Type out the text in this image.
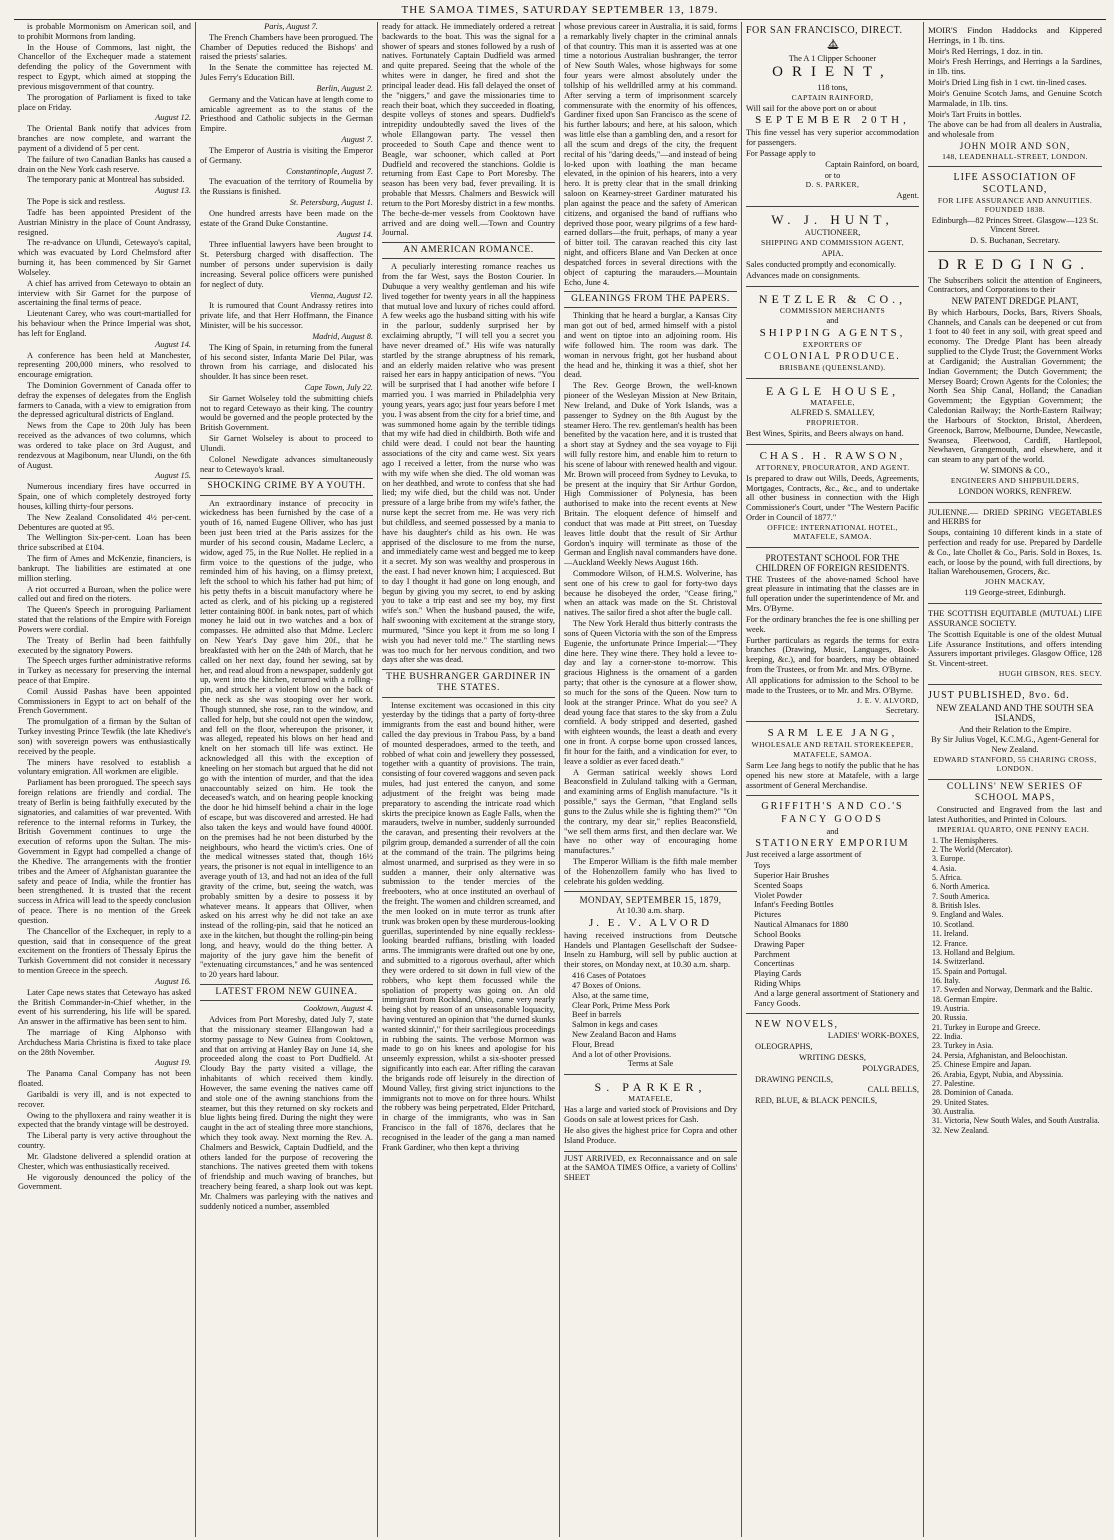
THE SAMOA TIMES, SATURDAY SEPTEMBER 13, 1879.

is probable Mormonism on American soil, and to prohibit Mormons from landing.

In the House of Commons, last night, the Chancellor of the Exchequer made a statement defending the policy of the Government with respect to Egypt, which aimed at stopping the previous misgovernment of that country.

The prorogation of Parliament is fixed to take place on Friday.

August 12.

The Oriental Bank notify that advices from branches are now complete, and warrant the payment of a dividend of 5 per cent.

The failure of two Canadian Banks has caused a drain on the New York cash reserve.

The temporary panic at Montreal has subsided.

August 13.

The Pope is sick and restless.

Tadfe has been appointed President of the Austrian Ministry in the place of Count Andrassy, resigned.

The re-advance on Ulundi, Cetewayo's capital, which was evacuated by Lord Chelmsford after burning it, has been commenced by Sir Garnet Wolseley.

A chief has arrived from Cetewayo to obtain an interview with Sir Garnet for the purpose of ascertaining the final terms of peace.

Lieutenant Carey, who was court-martialled for his behaviour when the Prince Imperial was shot, has left for England.

August 14.

A conference has been held at Manchester, representing 200,000 miners, who resolved to encourage emigration.

The Dominion Government of Canada offer to defray the expenses of delegates from the English farmers to Canada, with a view to emigration from the depressed agricultural districts of England.

News from the Cape to 20th July has been received as the advances of two columns, which was ordered to take place on 3rd August, and rendezvous at Magibonum, near Ulundi, on the 6th of August.

August 15.

Numerous incendiary fires have occurred in Spain, one of which completely destroyed forty houses, killing thirty-four persons.

The New Zealand Consolidated 4½ per-cent. Debentures are quoted at 95.

The Wellington Six-per-cent. Loan has been thrice subscribed at £104.

The firm of Ames and McKenzie, financiers, is bankrupt. The liabilities are estimated at one million sterling.

A riot occurred a Buroan, when the police were called out and fired on the rioters.

The Queen's Speech in proroguing Parliament stated that the relations of the Empire with Foreign Powers were cordial.

The Treaty of Berlin had been faithfully executed by the signatory Powers.

The Speech urges further administrative reforms in Turkey as necessary for preserving the internal peace of that Empire.

Comil Aussid Pashas have been appointed Commissioners in Egypt to act on behalf of the French Government.

The promulgation of a firman by the Sultan of Turkey investing Prince Tewfik (the late Khedive's son) with sovereign powers was enthusiastically received by the people.

The miners have resolved to establish a voluntary emigration. All workmen are eligible.

Parliament has been prorogued. The speech says foreign relations are friendly and cordial. The treaty of Berlin is being faithfully executed by the signatories, and calamities of war prevented. With reference to the internal reforms in Turkey, the British Government continues to urge the execution of reforms upon the Sultan. The mis-Government in Egypt had compelled a change of the Khedive. The arrangements with the frontier tribes and the Ameer of Afghanistan guarantee the safety and peace of India, while the frontier has been strengthened. It is trusted that the recent success in Africa will lead to the speedy conclusion of peace. There is no mention of the Greek question.

The Chancellor of the Exchequer, in reply to a question, said that in consequence of the great excitement on the frontiers of Thessaly Epirus the Turkish Government did not consider it necessary to mention Greece in the speech.

August 16.

Later Cape news states that Cetewayo has asked the British Commander-in-Chief whether, in the event of his surrendering, his life will be spared. An answer in the affirmative has been sent to him.

The marriage of King Alphonso with Archduchess Maria Christina is fixed to take place on the 28th November.

August 19.

The Panama Canal Company has not been floated.

Garibaldi is very ill, and is not expected to recover.

Owing to the phylloxera and rainy weather it is expected that the brandy vintage will be destroyed.

The Liberal party is very active throughout the country.

Mr. Gladstone delivered a splendid oration at Chester, which was enthusiastically received.

He vigorously denounced the policy of the Government.

Paris, August 7.

The French Chambers have been prorogued. The Chamber of Deputies reduced the Bishops' and raised the priests' salaries.

In the Senate the committee has rejected M. Jules Ferry's Education Bill.

Berlin, August 2.

Germany and the Vatican have at length come to amicable agreement as to the status of the Priesthood and Catholic subjects in the German Empire.

August 7.

The Emperor of Austria is visiting the Emperor of Germany.

Constantinople, August 7.

The evacuation of the territory of Roumelia by the Russians is finished.

St. Petersburg, August 1.

One hundred arrests have been made on the estate of the Grand Duke Constantine.

August 14.

Three influential lawyers have been brought to St. Petersburg charged with disaffection. The number of persons under supervision is daily increasing. Several police officers were punished for neglect of duty.

Vienna, August 12.

It is rumoured that Count Andrassy retires into private life, and that Herr Hoffmann, the Finance Minister, will be his successor.

Madrid, August 8.

The King of Spain, in returning from the funeral of his second sister, Infanta Marie Del Pilar, was thrown from his carriage, and dislocated his shoulder. It has since been reset.

Cape Town, July 22.

Sir Garnet Wolseley told the submitting chiefs not to regard Cetewayo as their king. The country would be governed and the people protected by the British Government.

Sir Garnet Wolseley is about to proceed to Ulundi.

Colonel Newdigate advances simultaneously near to Cetewayo's kraal.

SHOCKING CRIME BY A YOUTH.

An extraordinary instance of precocity in wickedness has been furnished by the case of a youth of 16, named Eugene Olliver, who has just been just been tried at the Paris assizes for the murder of his second cousin, Madame Leclerc, a widow, aged 75, in the Rue Nollet. He replied in a firm voice to the questions of the judge, who reminded him of his having, on a flimsy pretext, left the school to which his father had put him; of his petty thefts in a biscuit manufactory where he acted as clerk, and of his picking up a registered letter containing 800f. in bank notes, part of which money he laid out in two watches and a box of compasses. He admitted also that Mdme. Leclerc on New Year's Day gave him 20f., that he breakfasted with her on the 24th of March, that he called on her next day, found her sewing, sat by her, and read aloud from a newspaper, suddenly got up, went into the kitchen, returned with a rolling-pin, and struck her a violent blow on the back of the neck as she was stooping over her work. Though stunned, she rose, ran to the window, and called for help, but she could not open the window, and fell on the floor, whereupon the prisoner, it was alleged, repeated his blows on her head and knelt on her stomach till life was extinct. He acknowledged all this with the exception of kneeling on her stomach but argued that he did not go with the intention of murder, and that the idea unaccountably seized on him. He took the deceased's watch, and on hearing people knocking the door he hid himself behind a chair in the loge of escape, but was discovered and arrested. He had also taken the keys and would have found 4000f. on the premises had he not been disturbed by the neighbours, who heard the victim's cries. One of the medical witnesses stated that, though 16½ years, the prisoner is not equal in intelligence to an average youth of 13, and had not an idea of the full gravity of the crime, but, seeing the watch, was probably smitten by a desire to possess it by whatever means. It appears that Olliver, when asked on his arrest why he did not take an axe instead of the rolling-pin, said that he noticed an axe in the kitchen, but thought the rolling-pin being long, and heavy, would do the thing better. A majority of the jury gave him the benefit of "extenuating circumstances," and he was sentenced to 20 years hard labour.

LATEST FROM NEW GUINEA.

Cooktown, August 4.

Advices from Port Moresby, dated July 7, state that the missionary steamer Ellangowan had a stormy passage to New Guinea from Cooktown, and that on arriving at Hanley Bay on June 14, she proceeded along the coast to Port Dudfield. At Cloudy Bay the party visited a village, the inhabitants of which received them kindly. However, the same evening the natives came off and stole one of the awning stanchions from the steamer, but this they returned on sky rockets and blue lights being fired. During the night they were caught in the act of stealing three more stanchions, which they took away. Next morning the Rev. A. Chalmers and Beswick, Captain Dudfield, and the others landed for the purpose of recovering the stanchions. The natives greeted them with tokens of friendship and much waving of branches, but treachery being feared, a sharp look out was kept. Mr. Chalmers was parleying with the natives and suddenly noticed a number, assembled

ready for attack. He immediately ordered a retreat backwards to the boat. This was the signal for a shower of spears and stones followed by a rush of natives. Fortunately Captain Dudfield was armed and quite prepared. Seeing that the whole of the whites were in danger, he fired and shot the principal leader dead. His fall delayed the onset of the "niggers," and gave the missionaries time to reach their boat, which they succeeded in floating, despite volleys of stones and spears. Dudfield's intrepidity undoubtedly saved the lives of the whole Ellangowan party. The vessel then proceeded to South Cape and thence went to Beagle, war schooner, which called at Port Dudfield and recovered the stanchions. Goldie is returning from East Cape to Port Moresby. The season has been very bad, fever prevailing. It is probable that Messrs. Chalmers and Beswick will return to the Port Moresby district in a few months. The beche-de-mer vessels from Cooktown have arrived and are doing well.—Town and Country Journal.

AN AMERICAN ROMANCE.

A peculiarly interesting romance reaches us from the far West, says the Boston Courier. In Dubuque a very wealthy gentleman and his wife lived together for twenty years in all the happiness that mutual love and luxury of riches could afford. A few weeks ago the husband sitting with his wife in the parlour, suddenly surprised her by exclaiming abruptly, "I will tell you a secret you have never dreamed of." His wife was naturally startled by the strange abruptness of his remark, and an elderly maiden relative who was present raised her ears in happy anticipation of news. "You will be surprised that I had another wife before I married you. I was married in Philadelphia very young years, years ago; just four years before I met you. I was absent from the city for a brief time, and was summoned home again by the terrible tidings that my wife had died in childbirth. Both wife and child were dead. I could not bear the haunting associations of the city and came west. Six years ago I received a letter, from the nurse who was with my wife when she died. The old woman was on her deathbed, and wrote to confess that she had lied; my wife died, but the child was not. Under pressure of a large bribe from my wife's father, the nurse kept the secret from me. He was very rich but childless, and seemed possessed by a mania to have his daughter's child as his own. He was apprised of the disclosure to me from the nurse, and immediately came west and begged me to keep it a secret. My son was wealthy and prosperous in the east. I had never known him; I acquiesced. But to day I thought it had gone on long enough, and begun by giving you my secret, to end by asking you to take a trip east and see my boy, my first wife's son." When the husband paused, the wife, half swooning with excitement at the strange story, murmured, "Since you kept it from me so long I wish you had never told me." The startling news was too much for her nervous condition, and two days after she was dead.

THE BUSHRANGER GARDINER IN THE STATES.

Intense excitement was occasioned in this city yesterday by the tidings that a party of forty-three immigrants from the east and bound hither, were called the day previous in Trabou Pass, by a band of mounted desperadoes, armed to the teeth, and robbed of what coin and jewellery they possessed, together with a quantity of provisions. The train, consisting of four covered waggons and seven pack mules, had just entered the canyon, and some adjustment of the freight was being made preparatory to ascending the intricate road which skirts the precipice known as Eagle Falls, when the marauders, twelve in number, suddenly surrounded the caravan, and presenting their revolvers at the pilgrim group, demanded a surrender of all the coin at the command of the train. The pilgrims being almost unarmed, and surprised as they were in so sudden a manner, their only alternative was submission to the tender mercies of the freebooters, who at once instituted an overhaul of the freight. The women and children screamed, and the men looked on in mute terror as trunk after trunk was broken open by these murderous-looking guerillas, superintended by nine equally reckless-looking bearded ruffians, bristling with loaded arms. The immigrants were drafted out one by one, and submitted to a rigorous overhaul, after which they were ordered to sit down in full view of the robbers, who kept them focussed while the spoliation of property was going on. An old immigrant from Rockland, Ohio, came very nearly being shot by reason of an unseasonable loquacity, having ventured an opinion that "the durned skunks wanted skinnin'," for their sacrilegious proceedings in rubbing the saints. The verbose Mormon was made to go on his knees and apologise for his unseemly expression, whilst a six-shooter pressed significantly into each ear. After rifling the caravan the brigands rode off leisurely in the direction of Mound Valley, first giving strict injunctions to the immigrants not to move on for three hours. Whilst the robbery was being perpetrated, Elder Pritchard, in charge of the immigrants, who was in San Francisco in the fall of 1876, declares that he recognised in the leader of the gang a man named Frank Gardiner, who then kept a thriving

whose previous career in Australia, it is said, forms a remarkably lively chapter in the criminal annals of that country. This man it is asserted was at one time a notorious Australian bushranger, the terror of New South Wales, whose highways for some four years were almost absolutely under the tollship of his welldrilled army at his command. After serving a term of imprisonment scarcely commensurate with the enormity of his offences, Gardiner fixed upon San Francisco as the scene of his further labours; and here, at his saloon, which was little else than a gambling den, and a resort for all the scum and dregs of the city, the frequent recital of his "daring deeds,"—and instead of being lo-ked upon with loathing the man became elevated, in the opinion of his hearers, into a very hero. It is pretty clear that in the small drinking saloon on Kearney-street Gardiner maturated his plan against the peace and the safety of American citizens, and organised the band of ruffians who deprived those poor, weary pilgrims of a few hard-earned dollars—the fruit, perhaps, of many a year of bitter toil. The caravan reached this city last night, and officers Blane and Van Decken at once despatched forces in several directions with the object of capturing the marauders.—Mountain Echo, June 4.

GLEANINGS FROM THE PAPERS.

Thinking that he heard a burglar, a Kansas City man got out of bed, armed himself with a pistol and went on tiptoe into an adjoining room. His wife followed him. The room was dark. The woman in nervous fright, got her husband about the head and he, thinking it was a thief, shot her dead.

The Rev. George Brown, the well-known pioneer of the Wesleyan Mission at New Britain, New Ireland, and Duke of York Islands, was a passenger to Sydney on the 8th August by the steamer Hero. The rev. gentleman's health has been benefited by the vacation here, and it is trusted that a short stay at Sydney and the sea voyage to Fiji will fully restore him, and enable him to return to his scene of labour with renewed health and vigour. Mr. Brown will proceed from Sydney to Levuka, to be present at the inquiry that Sir Arthur Gordon, High Commissioner of Polynesia, has been authorised to make into the recent events at New Britain. The eloquent defence of himself and conduct that was made at Pitt street, on Tuesday leaves little doubt that the result of Sir Arthur Gordon's inquiry will terminate as those of the German and English naval commanders have done.—Auckland Weekly News August 16th.

Commodore Wilson, of H.M.S. Wolverine, has sent one of his crew to gaol for forty-two days because he disobeyed the order, "Cease firing," when an attack was made on the St. Christoval natives. The sailor fired a shot after the bugle call.

The New York Herald thus bitterly contrasts the sons of Queen Victoria with the son of the Empress Eugenie, the unfortunate Prince Imperial:—"They dine here. They wine there. They hold a levee to-day and lay a corner-stone to-morrow. This gracious Highness is the ornament of a garden party; that other is the cynosure at a flower show, so much for the sons of the Queen. Now turn to look at the stranger Prince. What do you see? A dead young face that stares to the sky from a Zulu cornfield. A body stripped and deserted, gashed with eighteen wounds, the least a death and every one in front. A corpse borne upon crossed lances, fit hour for the faith, and a vindication for ever, to leave a soldier as ever faced death."

A German satirical weekly shows Lord Beaconsfield in Zululand talking with a German, and examining arms of English manufacture. "Is it possible," says the German, "that England sells guns to the Zulus while she is fighting them?" "On the contrary, my dear sir," replies Beaconsfield, "we sell them arms first, and then declare war. We have no other way of encouraging home manufactures."

The Emperor William is the fifth male member of the Hohenzollern family who has lived to celebrate his golden wedding.

MONDAY, SEPTEMBER 15, 1879,

At 10.30 a.m. sharp.

J. E. V. ALVORD

having received instructions from Deutsche Handels und Plantagen Gesellschaft der Sudsee-Inseln zu Hamburg, will sell by public auction at their stores, on Monday next, at 10.30 a.m. sharp.

416 Cases of Potatoes
47 Boxes of Onions.
Also, at the same time,
Clear Pork, Prime Mess Pork
Beef in barrels
Salmon in kegs and cases
New Zealand Bacon and Hams
Flour, Bread
And a lot of other Provisions.

Terms at Sale

S. PARKER,

MATAFELE,

Has a large and varied stock of Provisions and Dry Goods on sale at lowest prices for Cash.

He also gives the highest price for Copra and other Island Produce.

JUST ARRIVED, ex Reconnaissance and on sale at the SAMOA TIMES Office, a variety of Collins' SHEET

FOR SAN FRANCISCO, DIRECT.

The A 1 Clipper Schooner

ORIENT,

118 tons,

CAPTAIN RAINFORD,

Will sail for the above port on or about

SEPTEMBER 20TH,

This fine vessel has very superior accommodation for passengers.

For Passage apply to

Captain Rainford, on board,

or to

D. S. PARKER,

Agent.

W. J. HUNT,

AUCTIONEER,

SHIPPING AND COMMISSION AGENT,

APIA.

Sales conducted promptly and economically.

Advances made on consignments.

NETZLER & CO.,

COMMISSION MERCHANTS

and

SHIPPING AGENTS,

EXPORTERS OF

COLONIAL PRODUCE.

BRISBANE (QUEENSLAND).

EAGLE HOUSE,

MATAFELE,

ALFRED S. SMALLEY,

PROPRIETOR.

Best Wines, Spirits, and Beers always on hand.

CHAS. H. RAWSON,

ATTORNEY, PROCURATOR, AND AGENT.

Is prepared to draw out Wills, Deeds, Agreements, Mortgages, Contracts, &c., &c., and to undertake all other business in connection with the High Commissioner's Court, under "The Western Pacific Order in Council of 1877."

OFFICE: INTERNATIONAL HOTEL, MATAFELE, SAMOA.

PROTESTANT SCHOOL FOR THE CHILDREN OF FOREIGN RESIDENTS.

THE Trustees of the above-named School have great pleasure in intimating that the classes are in full operation under the superintendence of Mr. and Mrs. O'Byrne.

For the ordinary branches the fee is one shilling per week.

Further particulars as regards the terms for extra branches (Drawing, Music, Languages, Book-keeping, &c.), and for boarders, may be obtained from the Trustees, or from Mr. and Mrs. O'Byrne.

All applications for admission to the School to be made to the Trustees, or to Mr. and Mrs. O'Byrne.

J. E. V. ALVORD,

Secretary.

SARM LEE JANG,

WHOLESALE AND RETAIL STOREKEEPER,

MATAFELE, SAMOA.

Sarm Lee Jang begs to notify the public that he has opened his new store at Matafele, with a large assortment of General Merchandise.

GRIFFITH'S AND CO.'S

FANCY GOODS

and

STATIONERY EMPORIUM

Just received a large assortment of

Toys
Superior Hair Brushes
Scented Soaps
Violet Powder
Infant's Feeding Bottles
Pictures
Nautical Almanacs for 1880
School Books
Drawing Paper
Parchment
Concertinas
Playing Cards
Riding Whips
And a large general assortment of Stationery and Fancy Goods.

NEW NOVELS,

LADIES' WORK-BOXES,

OLEOGRAPHS,

WRITING DESKS,

POLYGRADES,

DRAWING PENCILS,

CALL BELLS,

RED, BLUE, & BLACK PENCILS,

MOIR'S Findon Haddocks and Kippered Herrings, in 1 lb. tins.

Moir's Red Herrings, 1 doz. in tin.

Moir's Fresh Herrings, and Herrings a la Sardines, in 1lb. tins.

Moir's Dried Ling fish in 1 cwt. tin-lined cases.

Moir's Genuine Scotch Jams, and Genuine Scotch Marmalade, in 1lb. tins.

Moir's Tart Fruits in bottles.

The above can be had from all dealers in Australia, and wholesale from

JOHN MOIR AND SON,

148, LEADENHALL-STREET, LONDON.

LIFE ASSOCIATION OF SCOTLAND,

FOR LIFE ASSURANCE AND ANNUITIES. FOUNDED 1838.

Edinburgh—82 Princes Street. Glasgow—123 St. Vincent Street.

D. S. Buchanan, Secretary.

DREDGING.

The Subscribers solicit the attention of Engineers, Contractors, and Corporations to their

NEW PATENT DREDGE PLANT,

By which Harbours, Docks, Bars, Rivers Shoals, Channels, and Canals can be deepened or cut from 1 foot to 40 feet in any soil, with great speed and economy. The Dredge Plant has been already supplied to the Clyde Trust; the Government Works at Cardiganid; the Australian Government; the Indian Government; the Dutch Government; the Mersey Board; Crown Agents for the Colonies; the North Sea Ship Canal, Holland; the Canadian Government; the Egyptian Government; the Caledonian Railway; the North-Eastern Railway; the Harbours of Stockton, Bristol, Aberdeen, Greenock, Barrow, Melbourne, Dundee, Newcastle, Swansea, Fleetwood, Cardiff, Hartlepool, Newhaven, Grangemouth, and elsewhere, and it can steam to any part of the world.

W. SIMONS & CO.,

ENGINEERS AND SHIPBUILDERS,

LONDON WORKS, RENFREW.

JULIENNE.— DRIED SPRING VEGETABLES and HERBS for

Soups, containing 10 different kinds in a state of perfection and ready for use. Prepared by Dardelle & Co., late Chollet & Co., Paris. Sold in Boxes, 1s. each, or loose by the pound, with full directions, by Italian Warehousemen, Grocers, &c.

JOHN MACKAY,

119 George-street, Edinburgh.

THE SCOTTISH EQUITABLE (MUTUAL) LIFE ASSURANCE SOCIETY.

The Scottish Equitable is one of the oldest Mutual Life Assurance Institutions, and offers intending Assurers important privileges. Glasgow Office, 128 St. Vincent-street.

HUGH GIBSON, RES. SECY.

JUST PUBLISHED, 8vo. 6d.

NEW ZEALAND AND THE SOUTH SEA ISLANDS,

And their Relation to the Empire.

By Sir Julius Vogel, K.C.M.G., Agent-General for New Zealand.

EDWARD STANFORD, 55 CHARING CROSS, LONDON.

COLLINS' NEW SERIES OF SCHOOL MAPS,

Constructed and Engraved from the last and latest Authorities, and Printed in Colours.

IMPERIAL QUARTO, ONE PENNY EACH.

1. The Hemispheres.
2. The World (Mercator).
3. Europe.
4. Asia.
5. Africa.
6. North America.
7. South America.
8. British Isles.
9. England and Wales.
10. Scotland.
11. Ireland.
12. France.
13. Holland and Belgium.
14. Switzerland.
15. Spain and Portugal.
16. Italy.
17. Sweden and Norway, Denmark and the Baltic.
18. German Empire.
19. Austria.
20. Russia.
21. Turkey in Europe and Greece.
22. India.
23. Turkey in Asia.
24. Persia, Afghanistan, and Beloochistan.
25. Chinese Empire and Japan.
26. Arabia, Egypt, Nubia, and Abyssinia.
27. Palestine.
28. Dominion of Canada.
29. United States.
30. Australia.
31. Victoria, New South Wales, and South Australia.
32. New Zealand.
